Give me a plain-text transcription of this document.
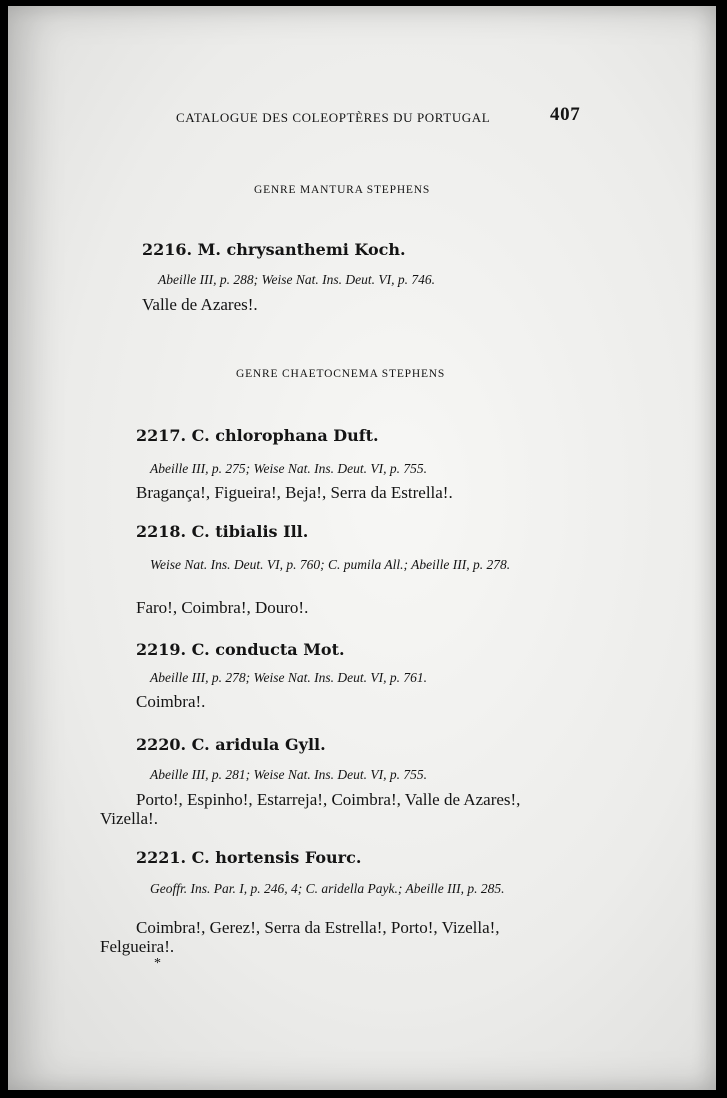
CATALOGUE DES COLEOPTÈRES DU PORTUGAL	407
GENRE MANTURA STEPHENS
2216. M. chrysanthemi Koch.
Abeille III, p. 288; Weise Nat. Ins. Deut. VI, p. 746.
Valle de Azares!.
GENRE CHAETOCNEMA STEPHENS
2217. C. chlorophana Duft.
Abeille III, p. 275; Weise Nat. Ins. Deut. VI, p. 755.
Bragança!, Figueira!, Beja!, Serra da Estrella!.
2218. C. tibialis Ill.
Weise Nat. Ins. Deut. VI, p. 760; C. pumila All.; Abeille III, p. 278.
Faro!, Coimbra!, Douro!.
2219. C. conducta Mot.
Abeille III, p. 278; Weise Nat. Ins. Deut. VI, p. 761.
Coimbra!.
2220. C. aridula Gyll.
Abeille III, p. 281; Weise Nat. Ins. Deut. VI, p. 755.
Porto!, Espinho!, Estarreja!, Coimbra!, Valle de Azares!, Vizella!.
2221. C. hortensis Fourc.
Geoffr. Ins. Par. I, p. 246, 4; C. aridella Payk.; Abeille III, p. 285.
Coimbra!, Gerez!, Serra da Estrella!, Porto!, Vizella!, Felgueira!.
*
